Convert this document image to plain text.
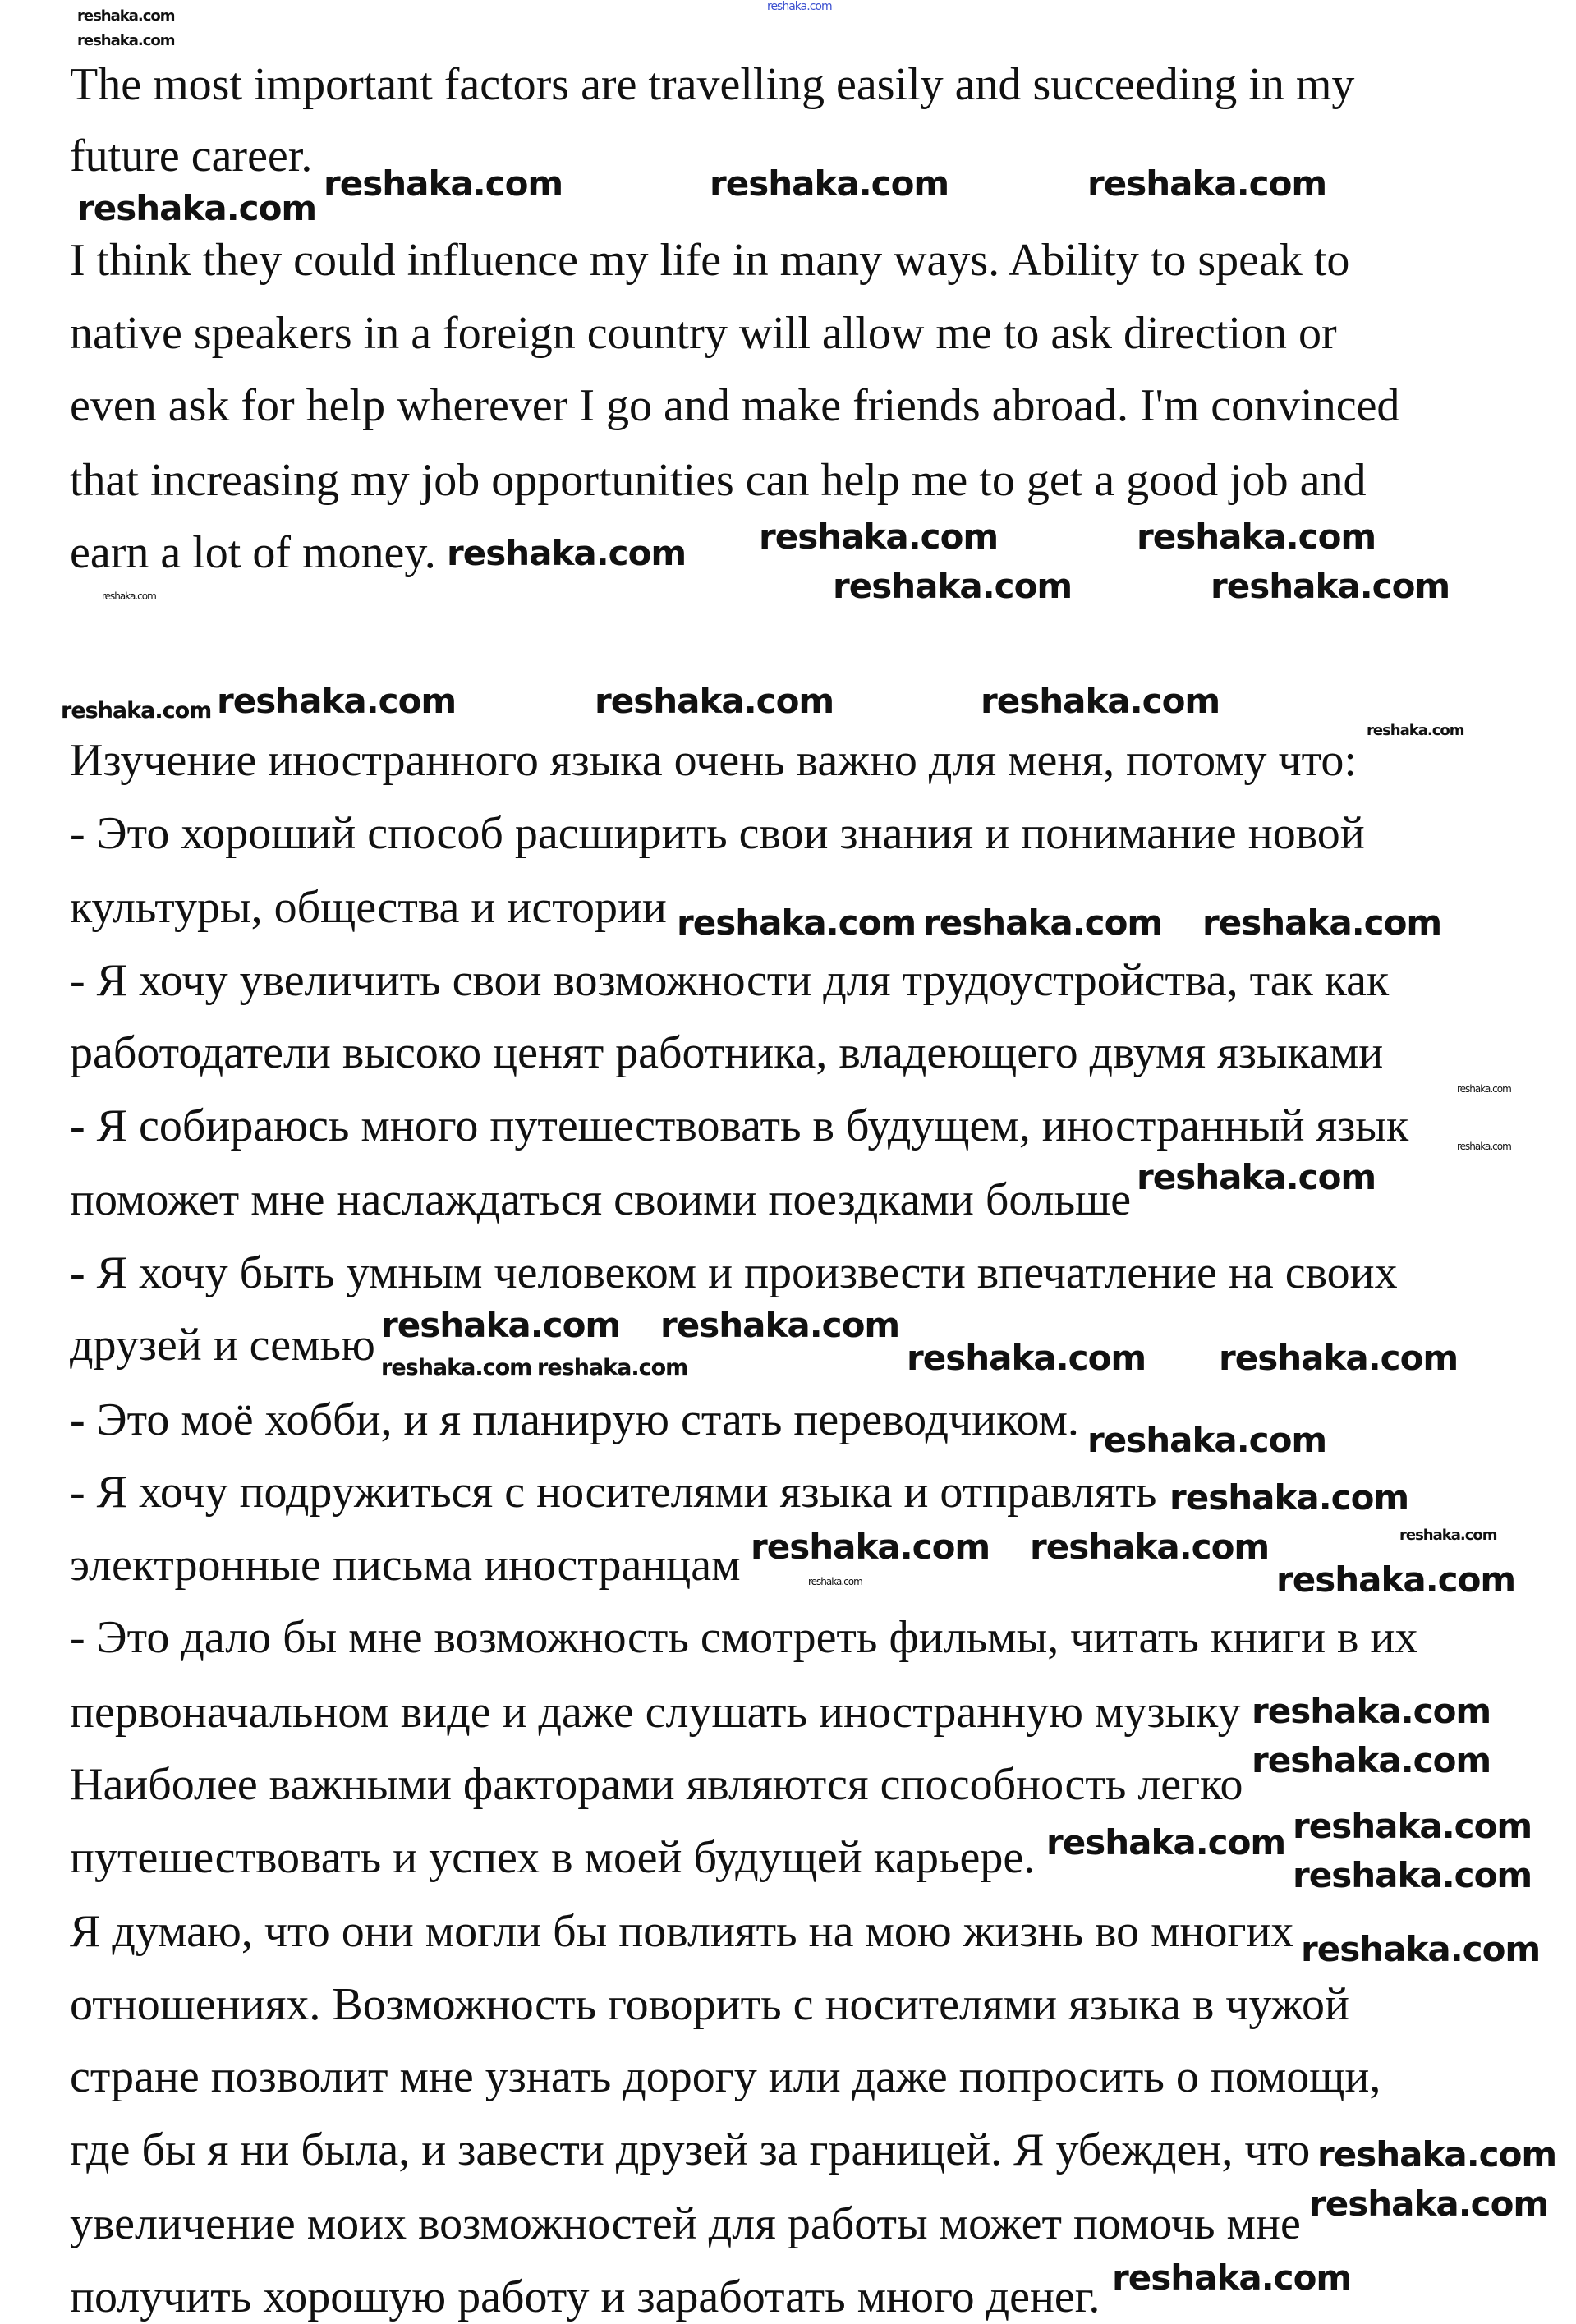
The most important factors are travelling easily and succeeding in my
future career.
I think they could influence my life in many ways. Ability to speak to
native speakers in a foreign country will allow me to ask direction or
even ask for help wherever I go and make friends abroad. I'm convinced
that increasing my job opportunities can help me to get a good job and
earn a lot of money.
Изучение иностранного языка очень важно для меня, потому что:
- Это хороший способ расширить свои знания и понимание новой
культуры, общества и истории
- Я хочу увеличить свои возможности для трудоустройства, так как
работодатели высоко ценят работника, владеющего двумя языками
- Я собираюсь много путешествовать в будущем, иностранный язык
поможет мне наслаждаться своими поездками больше
- Я хочу быть умным человеком и произвести впечатление на своих
друзей и семью
- Это моё хобби, и я планирую стать переводчиком.
- Я хочу подружиться с носителями языка и отправлять
электронные письма иностранцам
- Это дало бы мне возможность смотреть фильмы, читать книги в их
первоначальном виде и даже слушать иностранную музыку
Наиболее важными факторами являются способность легко
путешествовать и успех в моей будущей карьере.
Я думаю, что они могли бы повлиять на мою жизнь во многих
отношениях. Возможность говорить с носителями языка в чужой
стране позволит мне узнать дорогу или даже попросить о помощи,
где бы я ни была, и завести друзей за границей. Я убежден, что
увеличение моих возможностей для работы может помочь мне
получить хорошую работу и заработать много денег.
reshaka.com
reshaka.com	reshaka.com	reshaka.com
reshaka.com
reshaka.com	reshaka.com
reshaka.com
reshaka.com	reshaka.com
reshaka.com	reshaka.com	reshaka.com
reshaka.com
reshaka.com reshaka.com
reshaka.com reshaka.com
reshaka.com
reshaka.com reshaka.com
reshaka.com reshaka.com
reshaka.com
reshaka.com
reshaka.com
reshaka.com
reshaka.com
reshaka.com
reshaka.com
reshaka.com
reshaka.com
reshaka.com
reshaka.com
reshaka.com
reshaka.com
reshaka.com reshaka.com
reshaka.com
reshaka.com
reshaka.com
reshaka.com
reshaka.com
reshaka.com
reshaka.com
reshaka.com
